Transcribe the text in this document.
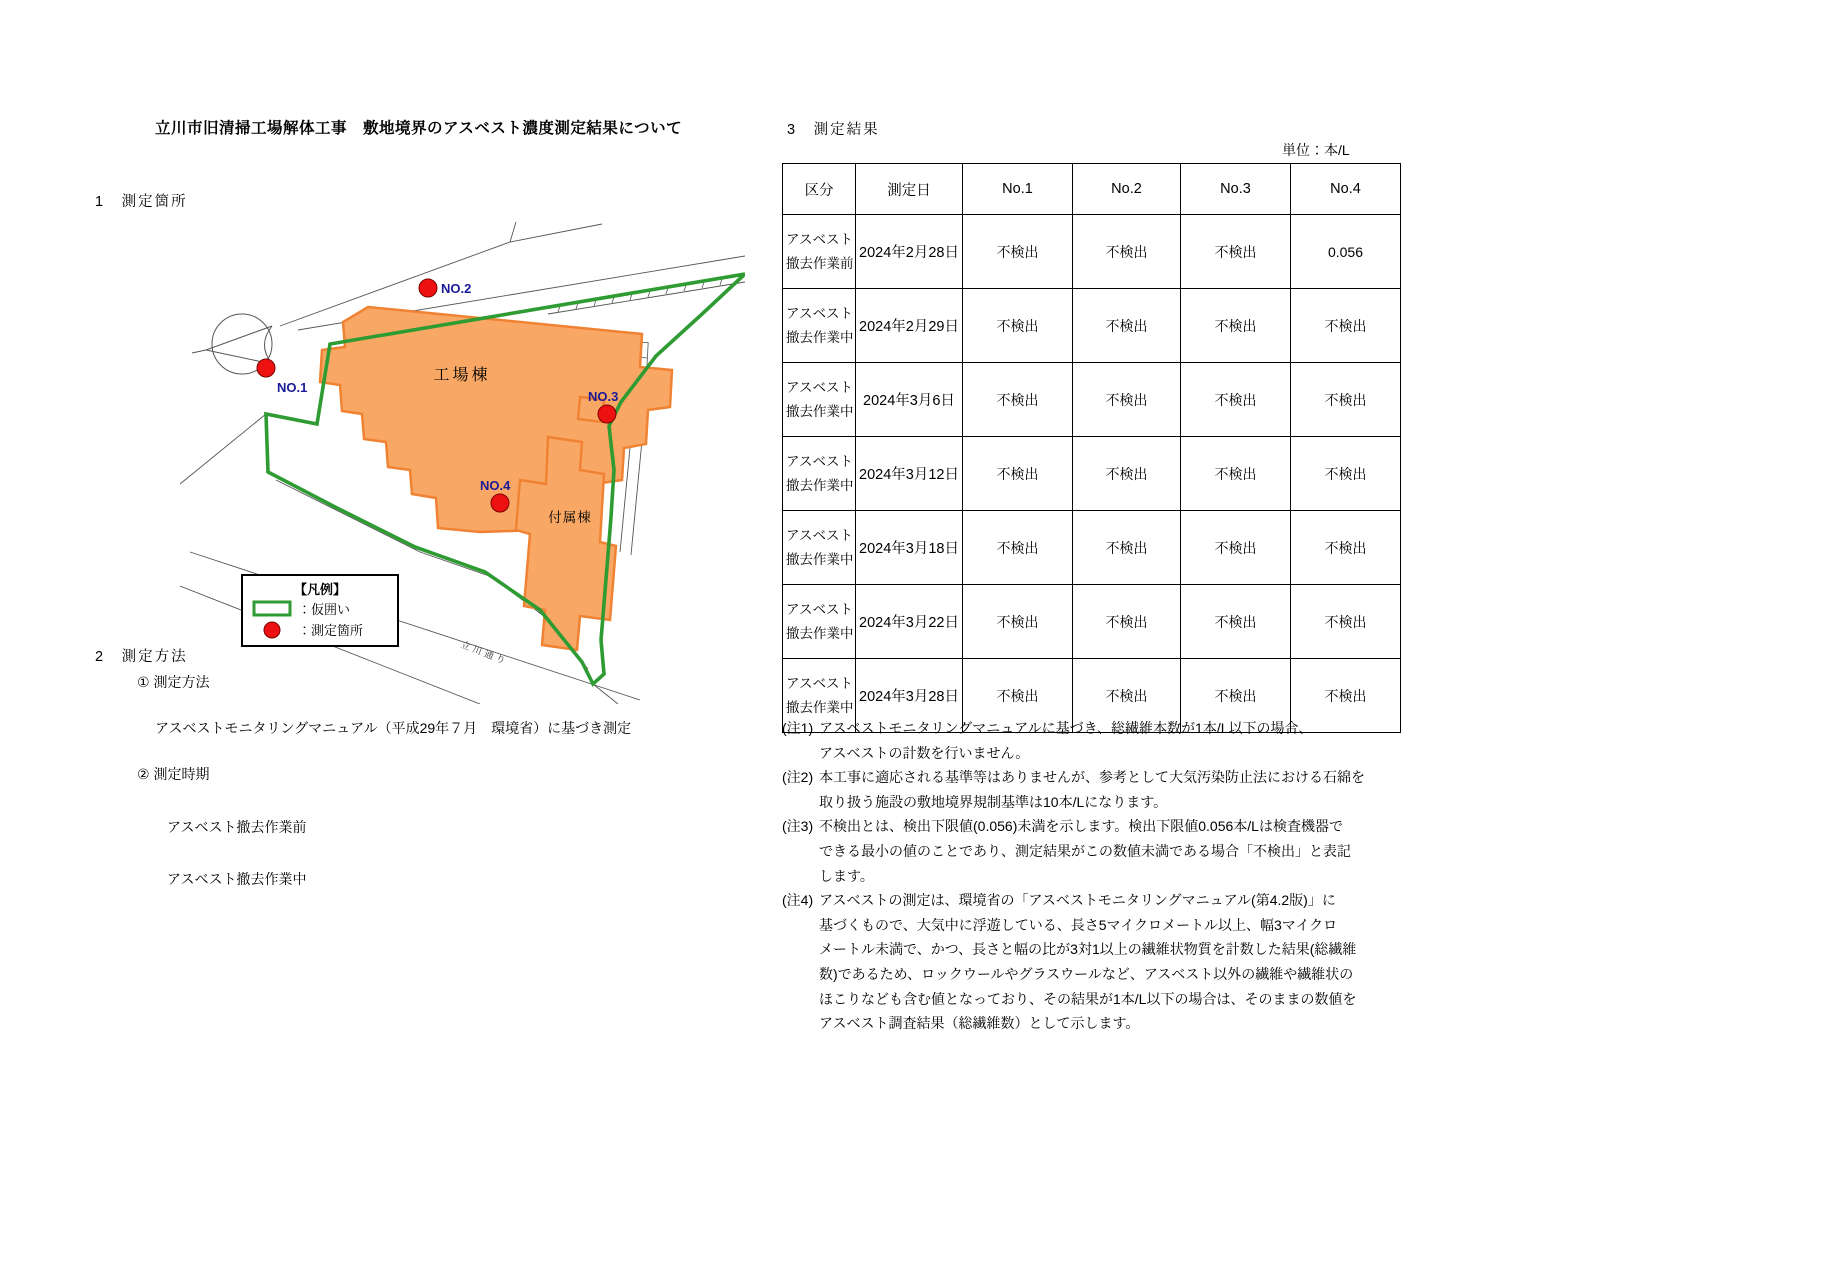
立川市旧清掃工場解体工事　敷地境界のアスベスト濃度測定結果について
1　測定箇所
2　測定方法
① 測定方法
アスベストモニタリングマニュアル（平成29年７月　環境省）に基づき測定
② 測定時期
アスベスト撤去作業前
アスベスト撤去作業中
3　測定結果
単位：本/L
工場棟
付属棟
NO.1
NO.2
NO.3
NO.4
立川通り
【凡例】
：仮囲い
：測定箇所
区分	測定日	No.1	No.2	No.3	No.4
アスベスト
撤去作業前	2024年2月28日	不検出	不検出	不検出	0.056
アスベスト
撤去作業中	2024年2月29日	不検出	不検出	不検出	不検出
アスベスト
撤去作業中	2024年3月6日	不検出	不検出	不検出	不検出
アスベスト
撤去作業中	2024年3月12日	不検出	不検出	不検出	不検出
アスベスト
撤去作業中	2024年3月18日	不検出	不検出	不検出	不検出
アスベスト
撤去作業中	2024年3月22日	不検出	不検出	不検出	不検出
アスベスト
撤去作業中	2024年3月28日	不検出	不検出	不検出	不検出
(注1) アスベストモニタリングマニュアルに基づき、総繊維本数が1本/L以下の場合、
アスベストの計数を行いません。
(注2) 本工事に適応される基準等はありませんが、参考として大気汚染防止法における石綿を
取り扱う施設の敷地境界規制基準は10本/Lになります。
(注3) 不検出とは、検出下限値(0.056)未満を示します。検出下限値0.056本/Lは検査機器で
できる最小の値のことであり、測定結果がこの数値未満である場合「不検出」と表記
します。
(注4) アスベストの測定は、環境省の「アスベストモニタリングマニュアル(第4.2版)」に
基づくもので、大気中に浮遊している、長さ5マイクロメートル以上、幅3マイクロ
メートル未満で、かつ、長さと幅の比が3対1以上の繊維状物質を計数した結果(総繊維
数)であるため、ロックウールやグラスウールなど、アスベスト以外の繊維や繊維状の
ほこりなども含む値となっており、その結果が1本/L以下の場合は、そのままの数値を
アスベスト調査結果（総繊維数）として示します。
